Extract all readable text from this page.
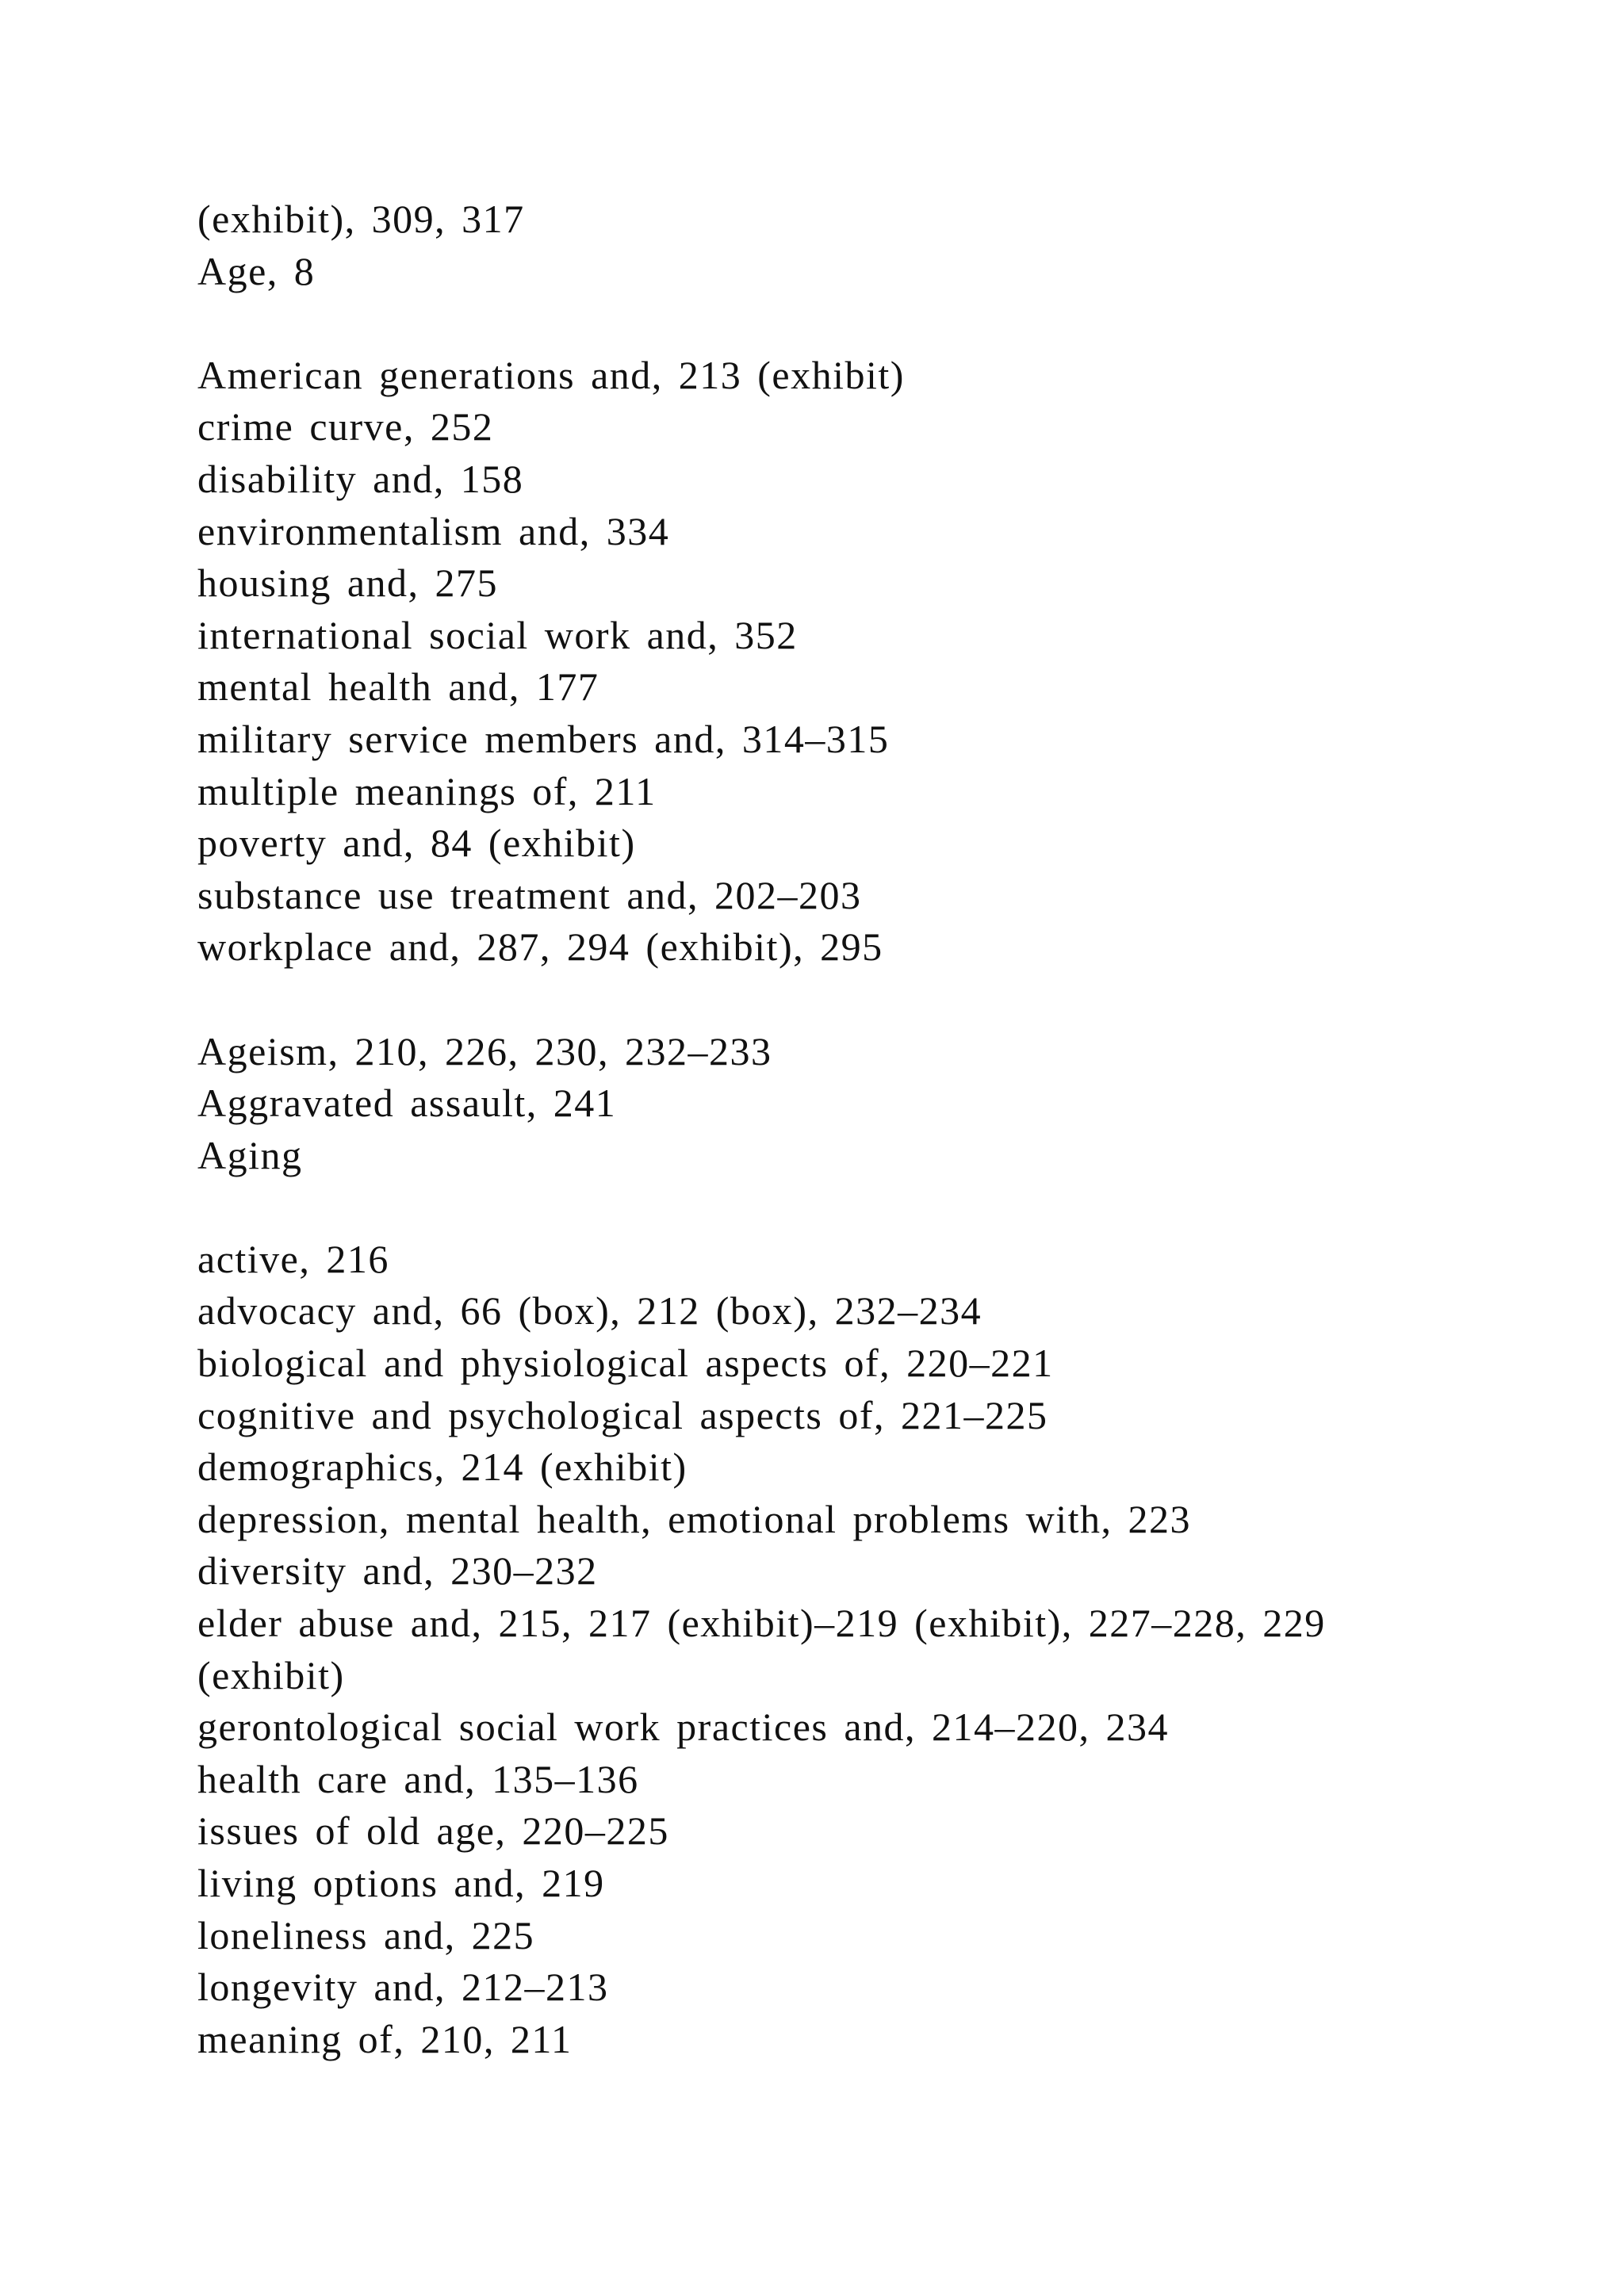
(exhibit), 309, 317
Age, 8
American generations and, 213 (exhibit)
crime curve, 252
disability and, 158
environmentalism and, 334
housing and, 275
international social work and, 352
mental health and, 177
military service members and, 314–315
multiple meanings of, 211
poverty and, 84 (exhibit)
substance use treatment and, 202–203
workplace and, 287, 294 (exhibit), 295
Ageism, 210, 226, 230, 232–233
Aggravated assault, 241
Aging
active, 216
advocacy and, 66 (box), 212 (box), 232–234
biological and physiological aspects of, 220–221
cognitive and psychological aspects of, 221–225
demographics, 214 (exhibit)
depression, mental health, emotional problems with, 223
diversity and, 230–232
elder abuse and, 215, 217 (exhibit)–219 (exhibit), 227–228, 229
(exhibit)
gerontological social work practices and, 214–220, 234
health care and, 135–136
issues of old age, 220–225
living options and, 219
loneliness and, 225
longevity and, 212–213
meaning of, 210, 211
